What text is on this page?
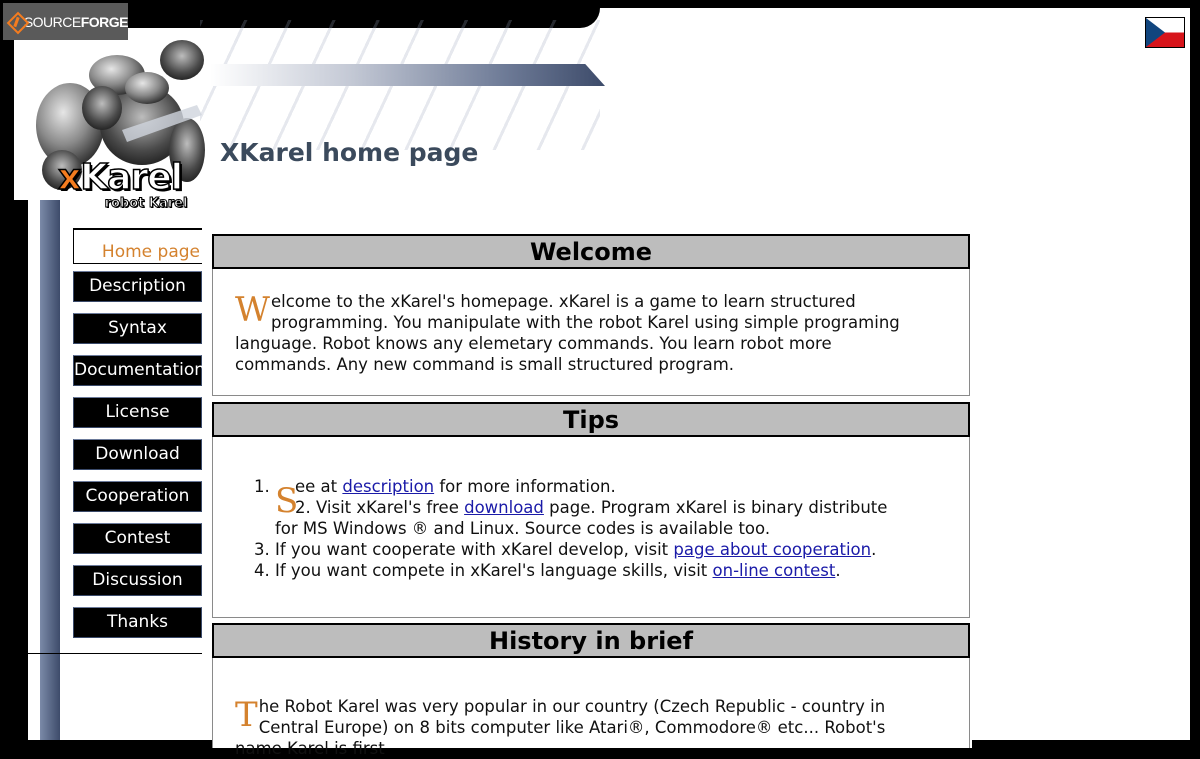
SOURCEFORGE
xKarel
robot Karel
XKarel home page
Home page
Description
Syntax
Documentation
License
Download
Cooperation
Contest
Discussion
Thanks
Welcome
Welcome to the xKarel's homepage. xKarel is a game to learn structured programming. You manipulate with the robot Karel using simple programing language. Robot knows any elemetary commands. You learn robot more commands. Any new command is small structured program.
Tips
S
1. ee at description for more information.
2. Visit xKarel's free download page. Program xKarel is binary distribute for MS Windows ® and Linux. Source codes is available too.
3. If you want cooperate with xKarel develop, visit page about cooperation.
4. If you want compete in xKarel's language skills, visit on-line contest.
History in brief
The Robot Karel was very popular in our country (Czech Republic - country in Central Europe) on 8 bits computer like Atari®, Commodore® etc... Robot's name Karel is first
